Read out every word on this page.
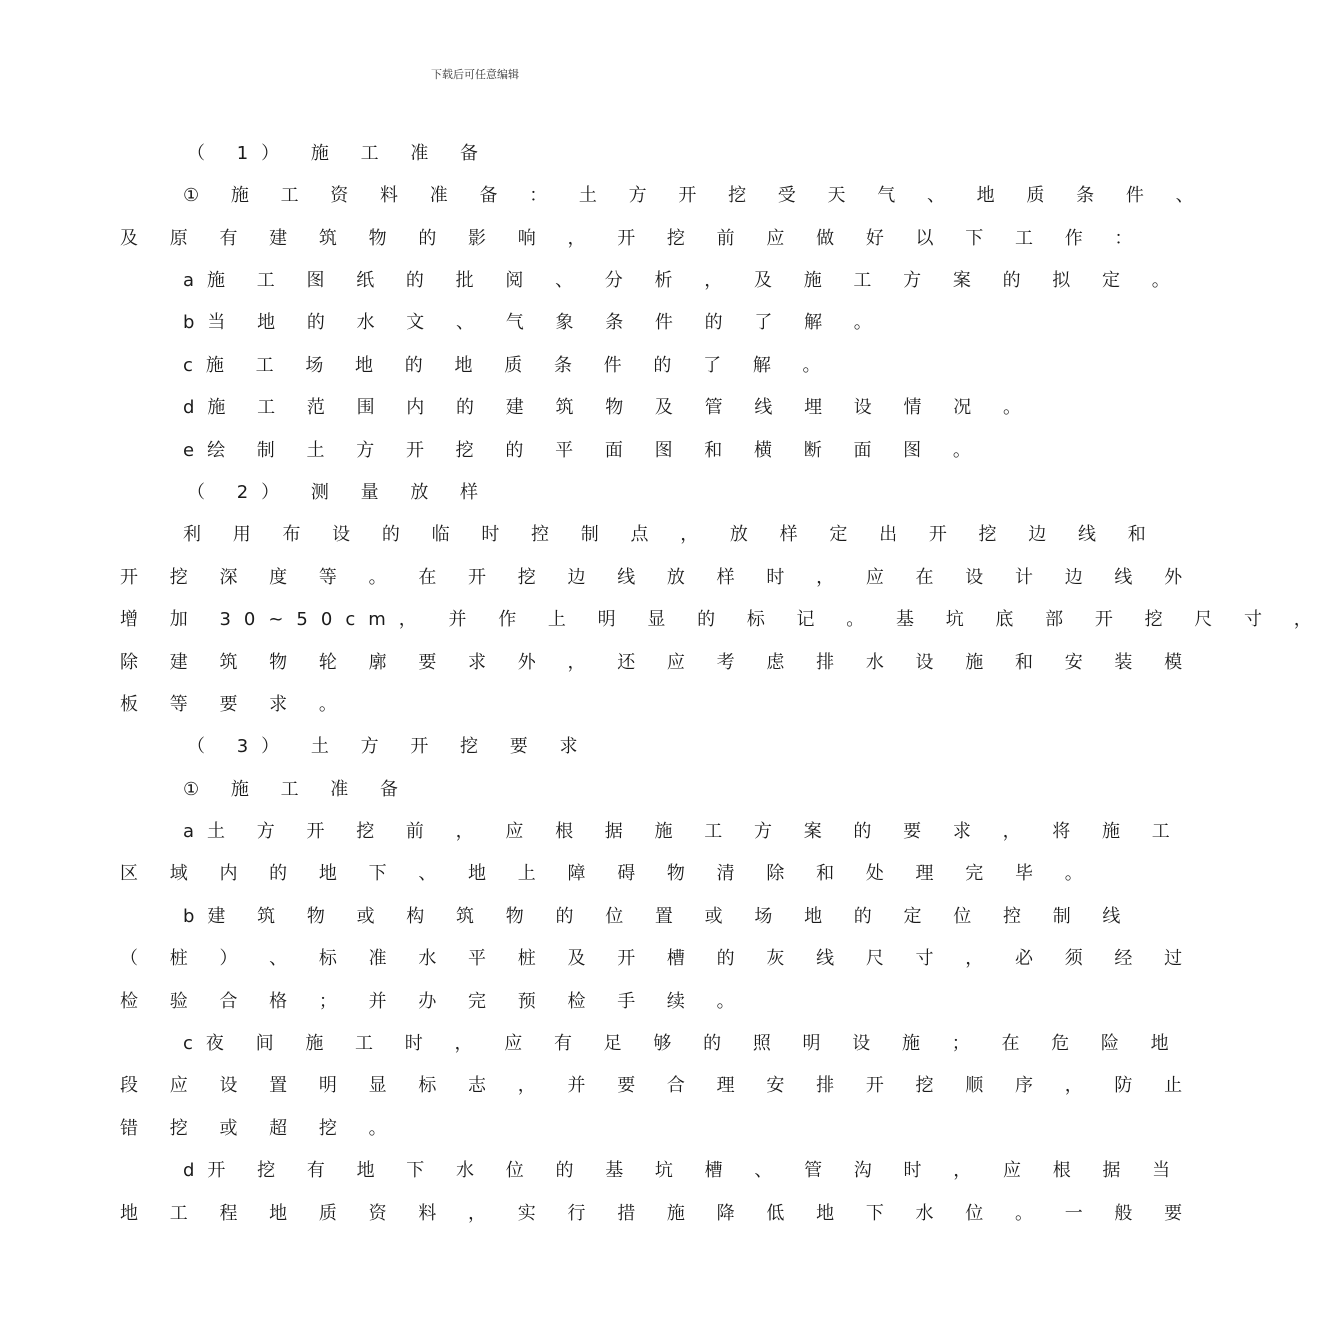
下载后可任意编辑
（ 1） 施 工 准 备
① 施 工 资 料 准 备 ： 土 方 开 挖 受 天 气 、 地 质 条 件 、
及 原 有 建 筑 物 的 影 响 ， 开 挖 前 应 做 好 以 下 工 作 ：
a施 工 图 纸 的 批 阅 、 分 析 ， 及 施 工 方 案 的 拟 定 。
b当 地 的 水 文 、 气 象 条 件 的 了 解 。
c施 工 场 地 的 地 质 条 件 的 了 解 。
d施 工 范 围 内 的 建 筑 物 及 管 线 埋 设 情 况 。
e绘 制 土 方 开 挖 的 平 面 图 和 横 断 面 图 。
（ 2） 测 量 放 样
利 用 布 设 的 临 时 控 制 点 ， 放 样 定 出 开 挖 边 线 和
开 挖 深 度 等 。 在 开 挖 边 线 放 样 时 ， 应 在 设 计 边 线 外
增 加 30~50cm， 并 作 上 明 显 的 标 记 。 基 坑 底 部 开 挖 尺 寸 ，
除 建 筑 物 轮 廓 要 求 外 ， 还 应 考 虑 排 水 设 施 和 安 装 模
板 等 要 求 。
（ 3） 土 方 开 挖 要 求
① 施 工 准 备
a土 方 开 挖 前 ， 应 根 据 施 工 方 案 的 要 求 ， 将 施 工
区 域 内 的 地 下 、 地 上 障 碍 物 清 除 和 处 理 完 毕 。
b建 筑 物 或 构 筑 物 的 位 置 或 场 地 的 定 位 控 制 线
（ 桩 ） 、 标 准 水 平 桩 及 开 槽 的 灰 线 尺 寸 ， 必 须 经 过
检 验 合 格 ； 并 办 完 预 检 手 续 。
c夜 间 施 工 时 ， 应 有 足 够 的 照 明 设 施 ； 在 危 险 地
段 应 设 置 明 显 标 志 ， 并 要 合 理 安 排 开 挖 顺 序 ， 防 止
错 挖 或 超 挖 。
d开 挖 有 地 下 水 位 的 基 坑 槽 、 管 沟 时 ， 应 根 据 当
地 工 程 地 质 资 料 ， 实 行 措 施 降 低 地 下 水 位 。 一 般 要
